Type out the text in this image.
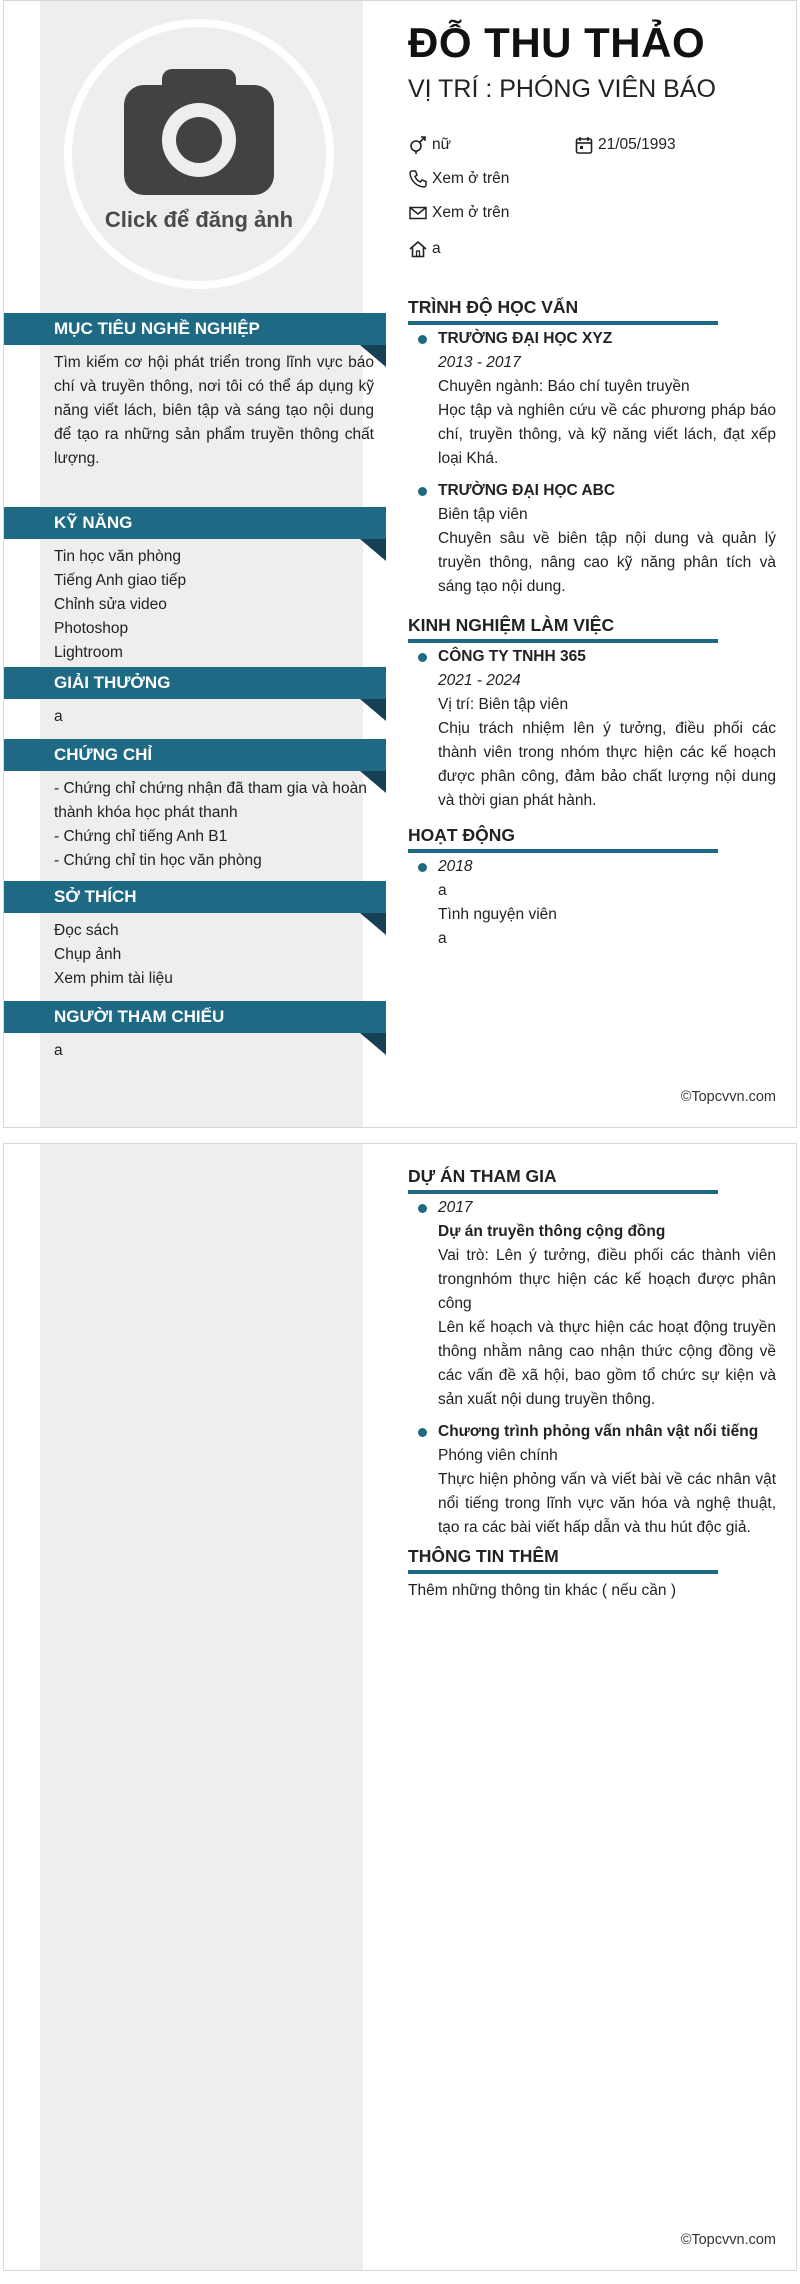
Click để đăng ảnh
MỤC TIÊU NGHỀ NGHIỆP
Tìm kiếm cơ hội phát triển trong lĩnh vực báo chí và truyền thông, nơi tôi có thể áp dụng kỹ năng viết lách, biên tập và sáng tạo nội dung để tạo ra những sản phẩm truyền thông chất lượng.
KỸ NĂNG
Tin học văn phòng
Tiếng Anh giao tiếp
Chỉnh sửa video
Photoshop
Lightroom
GIẢI THƯỞNG
a
CHỨNG CHỈ
- Chứng chỉ chứng nhận đã tham gia và hoàn thành khóa học phát thanh
- Chứng chỉ tiếng Anh B1
- Chứng chỉ tin học văn phòng
SỞ THÍCH
Đọc sách
Chụp ảnh
Xem phim tài liệu
NGƯỜI THAM CHIẾU
a
ĐỖ THU THẢO
VỊ TRÍ : PHÓNG VIÊN BÁO
nữ	21/05/1993
Xem ở trên
Xem ở trên
a
TRÌNH ĐỘ HỌC VẤN
TRƯỜNG ĐẠI HỌC XYZ
2013 - 2017
Chuyên ngành: Báo chí tuyên truyền
Học tập và nghiên cứu về các phương pháp báo chí, truyền thông, và kỹ năng viết lách, đạt xếp loại Khá.
TRƯỜNG ĐẠI HỌC ABC
Biên tập viên
Chuyên sâu về biên tập nội dung và quản lý truyền thông, nâng cao kỹ năng phân tích và sáng tạo nội dung.
KINH NGHIỆM LÀM VIỆC
CÔNG TY TNHH 365
2021 - 2024
Vị trí: Biên tập viên
Chịu trách nhiệm lên ý tưởng, điều phối các thành viên trong nhóm thực hiện các kế hoạch được phân công, đảm bảo chất lượng nội dung và thời gian phát hành.
HOẠT ĐỘNG
2018
a
Tình nguyện viên
a
©Topcvvn.com
DỰ ÁN THAM GIA
2017
Dự án truyền thông cộng đồng
Vai trò: Lên ý tưởng, điều phối các thành viên trongnhóm thực hiện các kế hoạch được phân công
Lên kế hoạch và thực hiện các hoạt động truyền thông nhằm nâng cao nhận thức cộng đồng về các vấn đề xã hội, bao gồm tổ chức sự kiện và sản xuất nội dung truyền thông.
Chương trình phỏng vấn nhân vật nổi tiếng
Phóng viên chính
Thực hiện phỏng vấn và viết bài về các nhân vật nổi tiếng trong lĩnh vực văn hóa và nghệ thuật, tạo ra các bài viết hấp dẫn và thu hút độc giả.
THÔNG TIN THÊM
Thêm những thông tin khác ( nếu cần )
©Topcvvn.com
